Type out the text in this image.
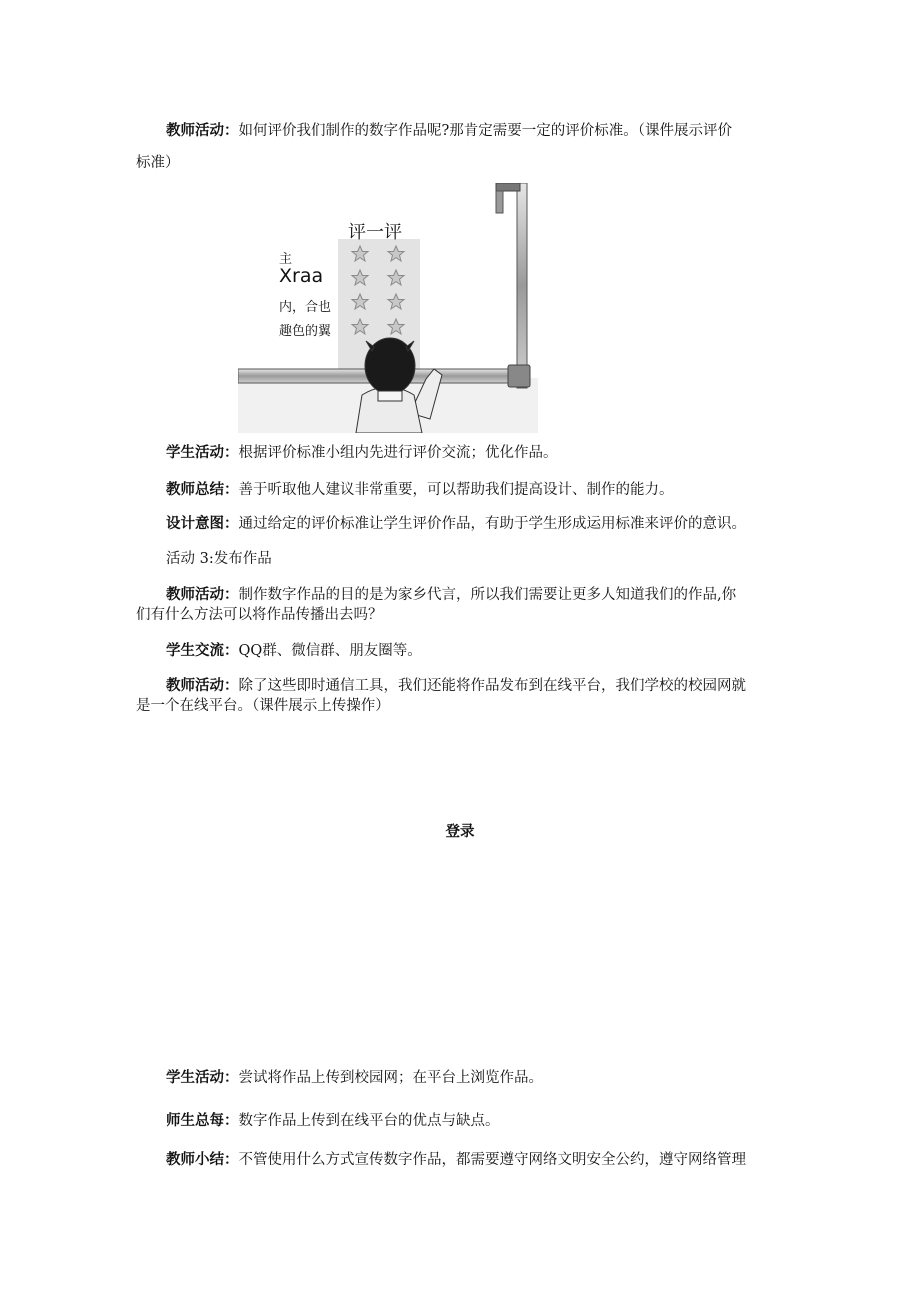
教师活动：如何评价我们制作的数字作品呢?那肯定需要一定的评价标准。（课件展示评价
标准）
评一评
主
Xraa
内，合也
趣色的翼
学生活动：根据评价标准小组内先进行评价交流；优化作品。
教师总结：善于听取他人建议非常重要，可以帮助我们提高设计、制作的能力。
设计意图：通过给定的评价标准让学生评价作品，有助于学生形成运用标准来评价的意识。
活动 3:发布作品
教师活动：制作数字作品的目的是为家乡代言，所以我们需要让更多人知道我们的作品,你
们有什么方法可以将作品传播出去吗？
学生交流：QQ群、微信群、朋友圈等。
教师活动：除了这些即时通信工具，我们还能将作品发布到在线平台，我们学校的校园网就
是一个在线平台。（课件展示上传操作）
登录
学生活动：尝试将作品上传到校园网；在平台上浏览作品。
师生总每：数字作品上传到在线平台的优点与缺点。
教师小结：不管使用什么方式宣传数字作品，都需要遵守网络文明安全公约，遵守网络管理
